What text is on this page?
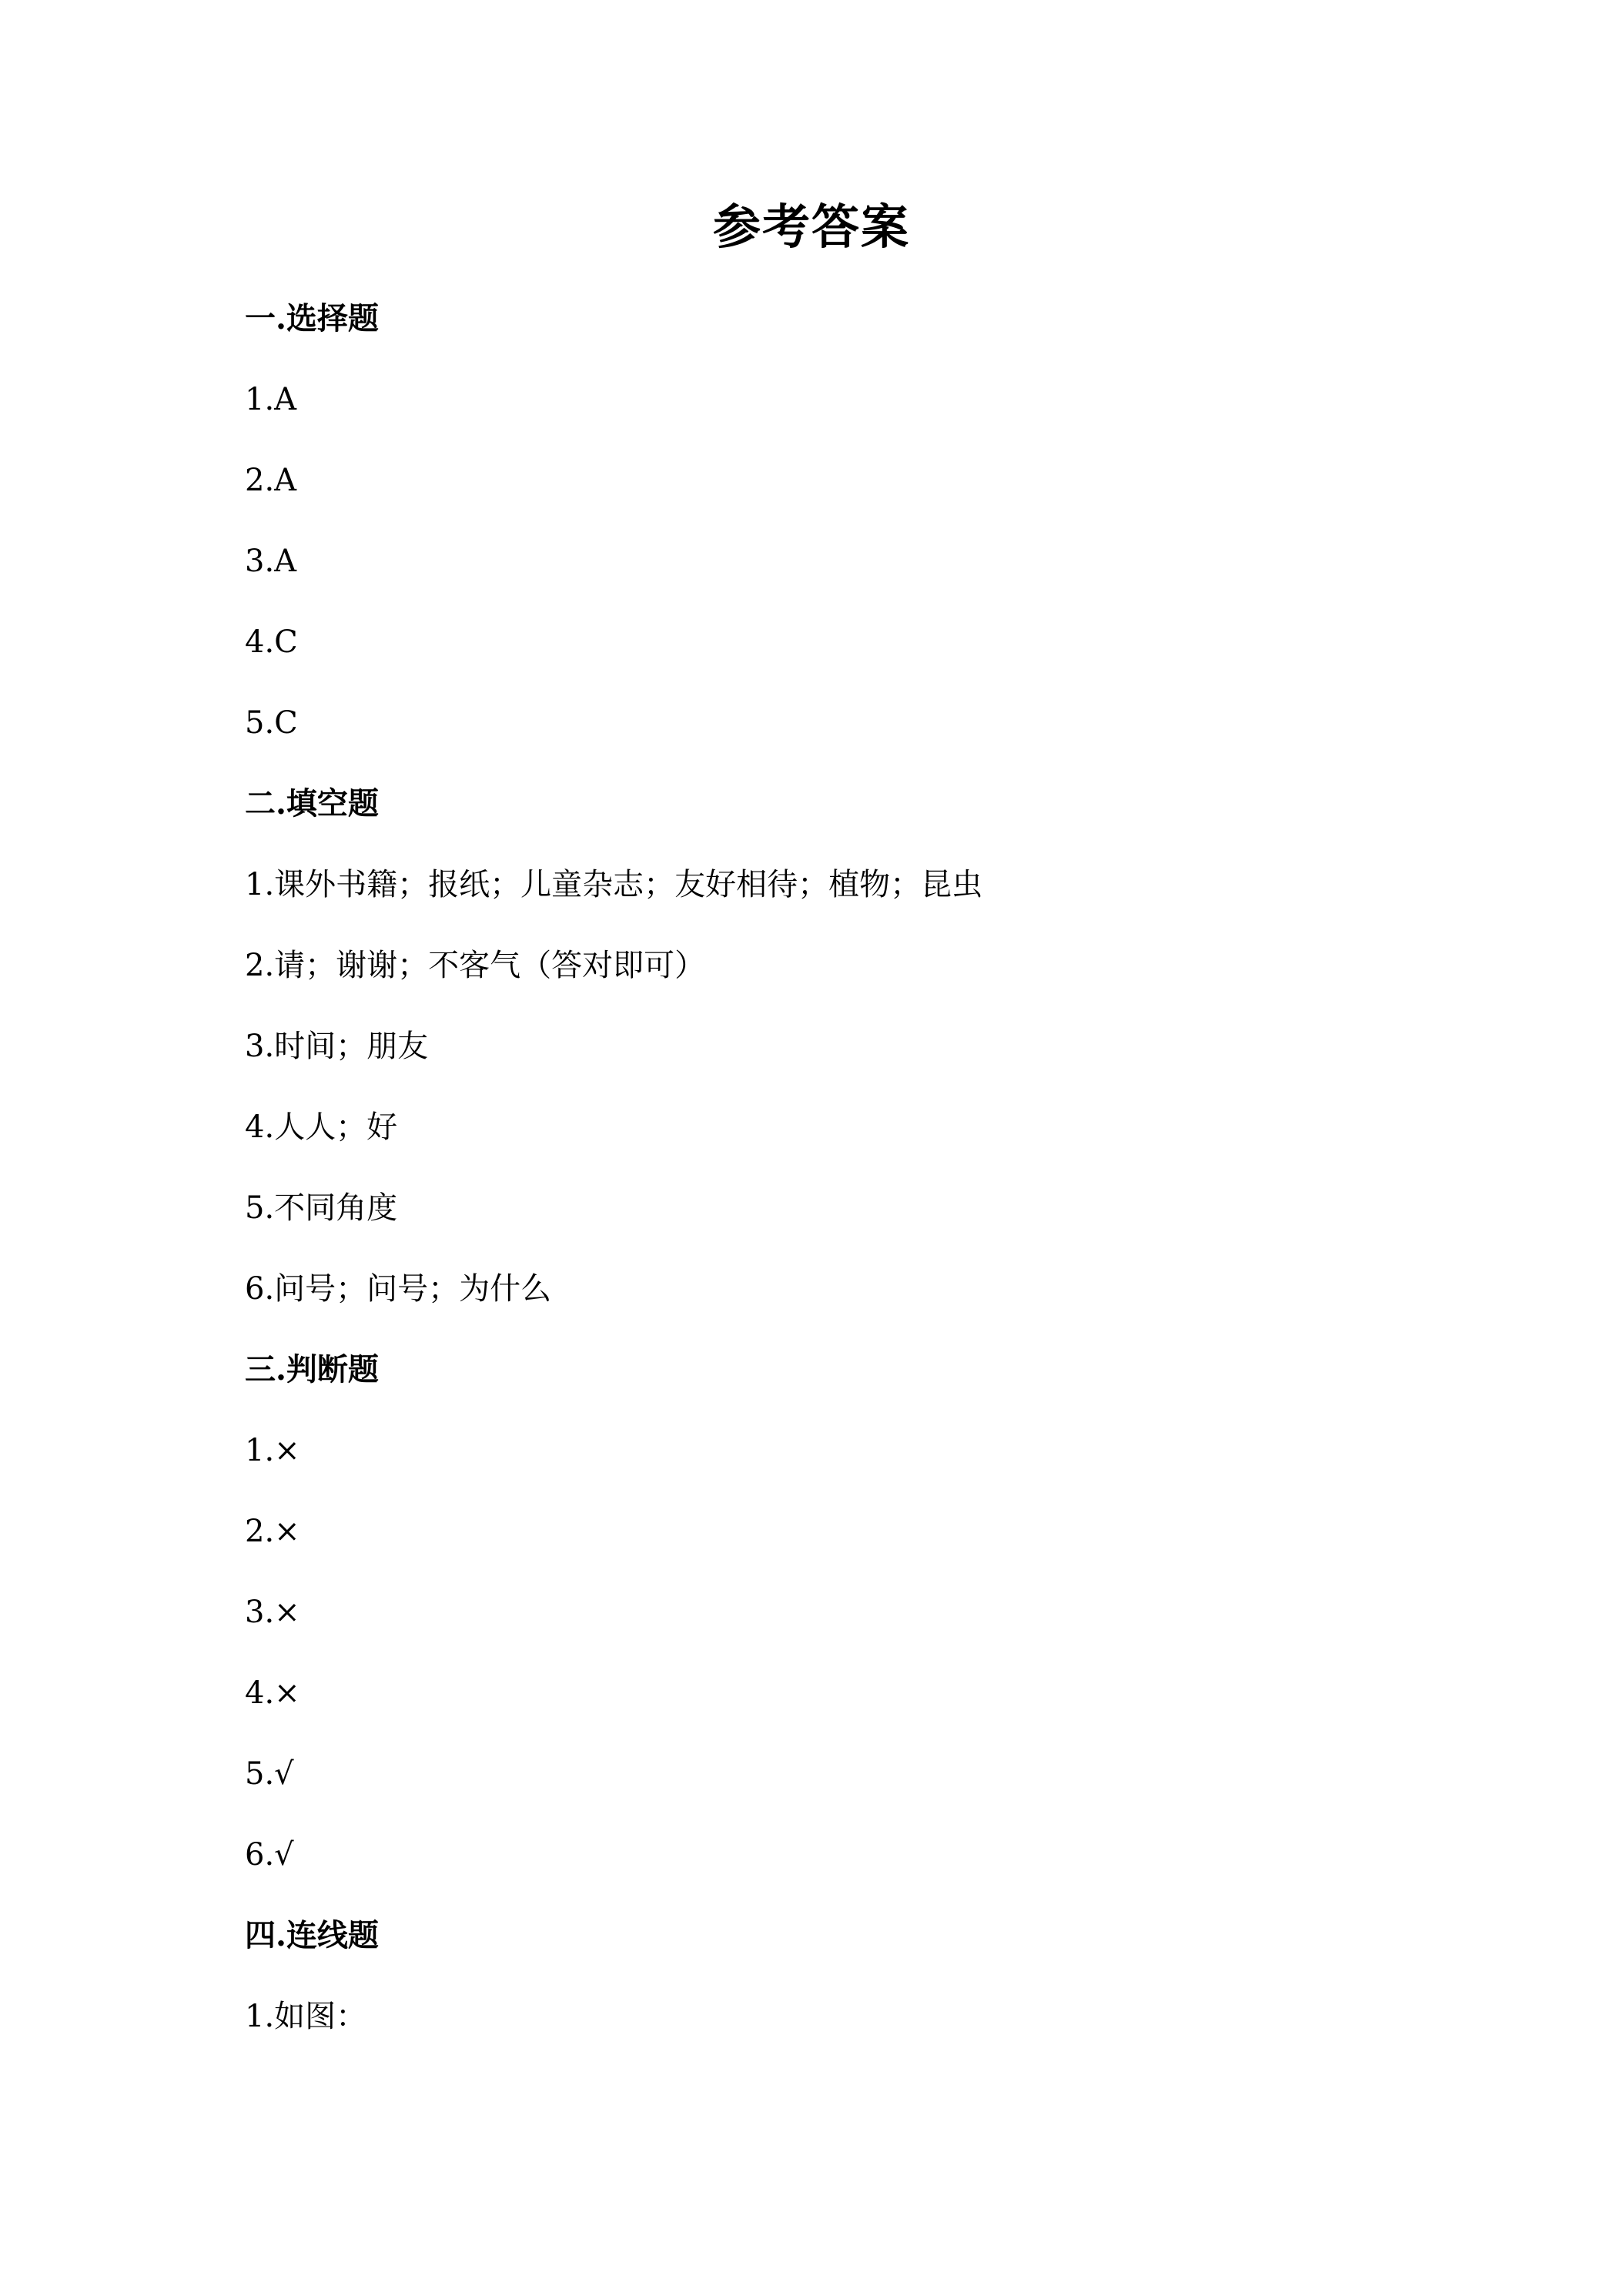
参考答案
一.选择题
1.A
2.A
3.A
4.C
5.C
二.填空题
1.课外书籍；报纸；儿童杂志；友好相待；植物；昆虫
2.请；谢谢；不客气（答对即可）
3.时间；朋友
4.人人；好
5.不同角度
6.问号；问号；为什么
三.判断题
1.×
2.×
3.×
4.×
5.√
6.√
四.连线题
1.如图：
